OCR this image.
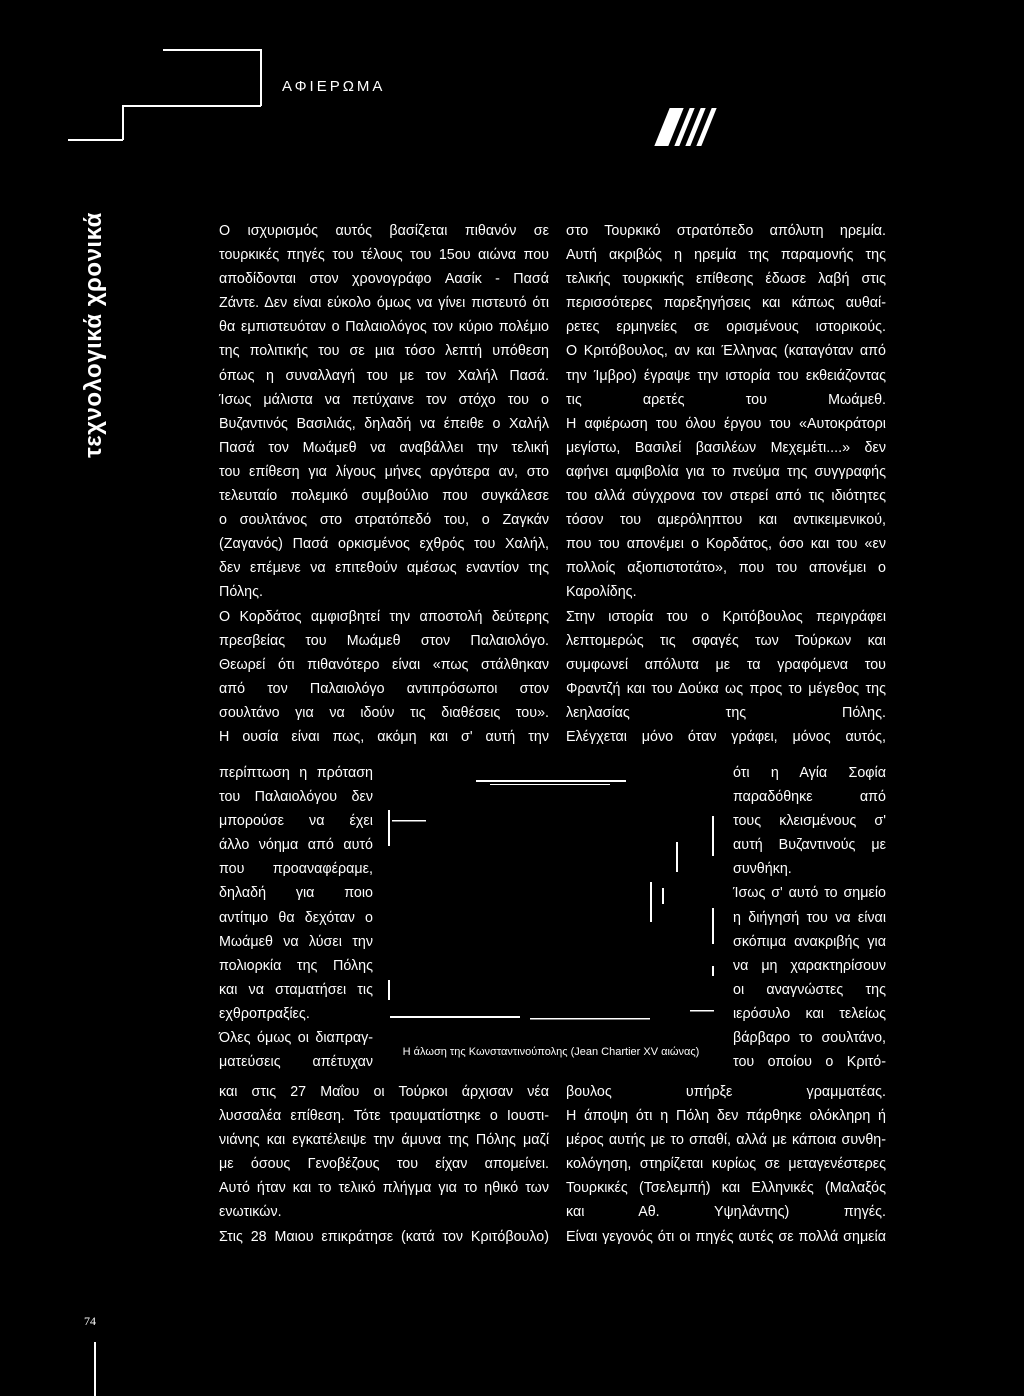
ΑΦΙΕΡΩΜΑ
τεχνολογικά χρονικά	Ο ισχυρισμός αυτός βασίζεται πιθανόν σε

τουρκικές πηγές του τέλους του 15ου αιώνα που

αποδίδονται στον χρονογράφο Aασίκ - Πασά

Ζάντε. Δεν είναι εύκολο όμως να γίνει πιστευτό ότι

θα εμπιστευόταν ο Παλαιολόγος τον κύριο πολέμιο

της πολιτικής του σε μια τόσο λεπτή υπόθεση

όπως η συναλλαγή του με τον Χαλήλ Πασά.

Ίσως μάλιστα να πετύχαινε τον στόχο του ο

Βυζαντινός Βασιλιάς, δηλαδή να έπειθε ο Χαλήλ

Πασά τον Μωάμεθ να αναβάλλει την τελική

του επίθεση για λίγους μήνες αργότερα αν, στο

τελευταίο πολεμικό συμβούλιο που συγκάλεσε

ο σουλτάνος στο στρατόπεδό του, ο Ζαγκάν

(Ζαγανός) Πασά ορκισμένος εχθρός του Χαλήλ,

δεν επέμενε να επιτεθούν αμέσως εναντίον της

Πόλης.

Ο Κορδάτος αμφισβητεί την αποστολή δεύτερης

πρεσβείας του Μωάμεθ στον Παλαιολόγο.

Θεωρεί ότι πιθανότερο είναι «πως στάλθηκαν

από τον Παλαιολόγο αντιπρόσωποι στον

σουλτάνο για να ιδούν τις διαθέσεις του».

Η ουσία είναι πως, ακόμη και σ' αυτή την

περίπτωση η πρόταση

του Παλαιολόγου δεν

μπορούσε να έχει

άλλο νόημα από αυτό

που προαναφέραμε,

δηλαδή για ποιο

αντίτιμο θα δεχόταν ο

Μωάμεθ να λύσει την

πολιορκία της Πόλης

και να σταματήσει τις

εχθροπραξίες.

Όλες όμως οι διαπραγ-

ματεύσεις απέτυχαν

και στις 27 Μαΐου οι Τούρκοι άρχισαν νέα

λυσσαλέα επίθεση. Τότε τραυματίστηκε ο Ιουστι-

νιάνης και εγκατέλειψε την άμυνα της Πόλης μαζί

με όσους Γενοβέζους του είχαν απομείνει.

Αυτό ήταν και το τελικό πλήγμα για το ηθικό των

ενωτικών.

Στις 28 Μαιου επικράτησε (κατά τον Κριτόβουλο)

στο Τουρκικό στρατόπεδο απόλυτη ηρεμία.

Αυτή ακριβώς η ηρεμία της παραμονής της

τελικής τουρκικής επίθεσης έδωσε λαβή στις

περισσότερες παρεξηγήσεις και κάπως αυθαί-

ρετες ερμηνείες σε ορισμένους ιστορικούς.

Ο Κριτόβουλος, αν και Έλληνας (καταγόταν από

την Ίμβρο) έγραψε την ιστορία του εκθειάζοντας

τις αρετές του Μωάμεθ.

Η αφιέρωση του όλου έργου του «Αυτοκράτορι

μεγίστω, Βασιλεί βασιλέων Μεχεμέτι....» δεν

αφήνει αμφιβολία για το πνεύμα της συγγραφής

του αλλά σύγχρονα τον στερεί από τις ιδιότητες

τόσον του αμερόληπτου και αντικειμενικού,

που του απονέμει ο Κορδάτος, όσο και του «εν

πολλοίς αξιοπιστοτάτο», που του απονέμει ο

Καρολίδης.

Στην ιστορία του ο Κριτόβουλος περιγράφει

λεπτομερώς τις σφαγές των Τούρκων και

συμφωνεί απόλυτα με τα γραφόμενα του

Φραντζή και του Δούκα ως προς το μέγεθος της

λεηλασίας της Πόλης.

Ελέγχεται μόνο όταν γράφει, μόνος αυτός,

ότι η Αγία Σοφία

παραδόθηκε από

τους κλεισμένους σ'

αυτή Βυζαντινούς με

συνθήκη.

Ίσως σ' αυτό το σημείο

η διήγησή του να είναι

σκόπιμα ανακριβής για

να μη χαρακτηρίσουν

οι αναγνώστες της

ιερόσυλο και τελείως

βάρβαρο το σουλτάνο,

του οποίου ο Κριτό-

βουλος υπήρξε γραμματέας.

Η άποψη ότι η Πόλη δεν πάρθηκε ολόκληρη ή

μέρος αυτής με το σπαθί, αλλά με κάποια συνθη-

κολόγηση, στηρίζεται κυρίως σε μεταγενέστερες

Τουρκικές (Τσελεμπή) και Ελληνικές (Μαλαξός

και Αθ. Υψηλάντης) πηγές.

Είναι γεγονός ότι οι πηγές αυτές σε πολλά σημεία

Η άλωση της Κωνσταντινούπολης (Jean Chartier XV αιώνας)
74
